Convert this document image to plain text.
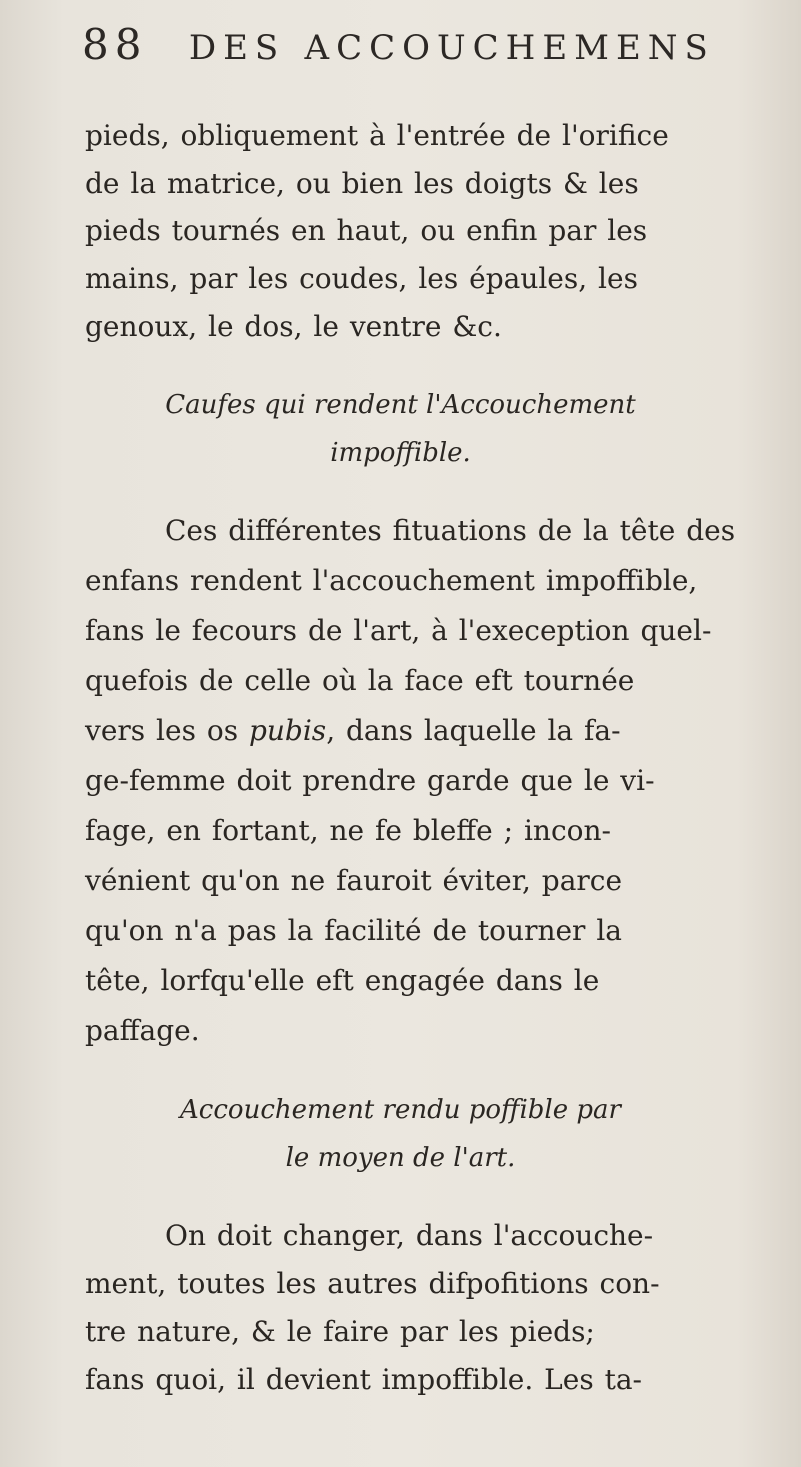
88 DES ACCOUCHEMENS
pieds, obliquement à l'entrée de l'orifice
de la matrice, ou bien les doigts & les
pieds tournés en haut, ou enfin par les
mains, par les coudes, les épaules, les
genoux, le dos, le ventre &c.
Caufes qui rendent l'Accouchement
impoffible.
Ces différentes fituations de la tête des
enfans rendent l'accouchement impoffible,
fans le fecours de l'art, à l'exeception quel-
quefois de celle où la face eft tournée
vers les os pubis, dans laquelle la fa-
ge-femme doit prendre garde que le vi-
fage, en fortant, ne fe bleffe ; incon-
vénient qu'on ne fauroit éviter, parce
qu'on n'a pas la facilité de tourner la
tête, lorfqu'elle eft engagée dans le
paffage.
Accouchement rendu poffible par
le moyen de l'art.
On doit changer, dans l'accouche-
ment, toutes les autres difpofitions con-
tre nature, & le faire par les pieds;
fans quoi, il devient impoffible. Les ta-
